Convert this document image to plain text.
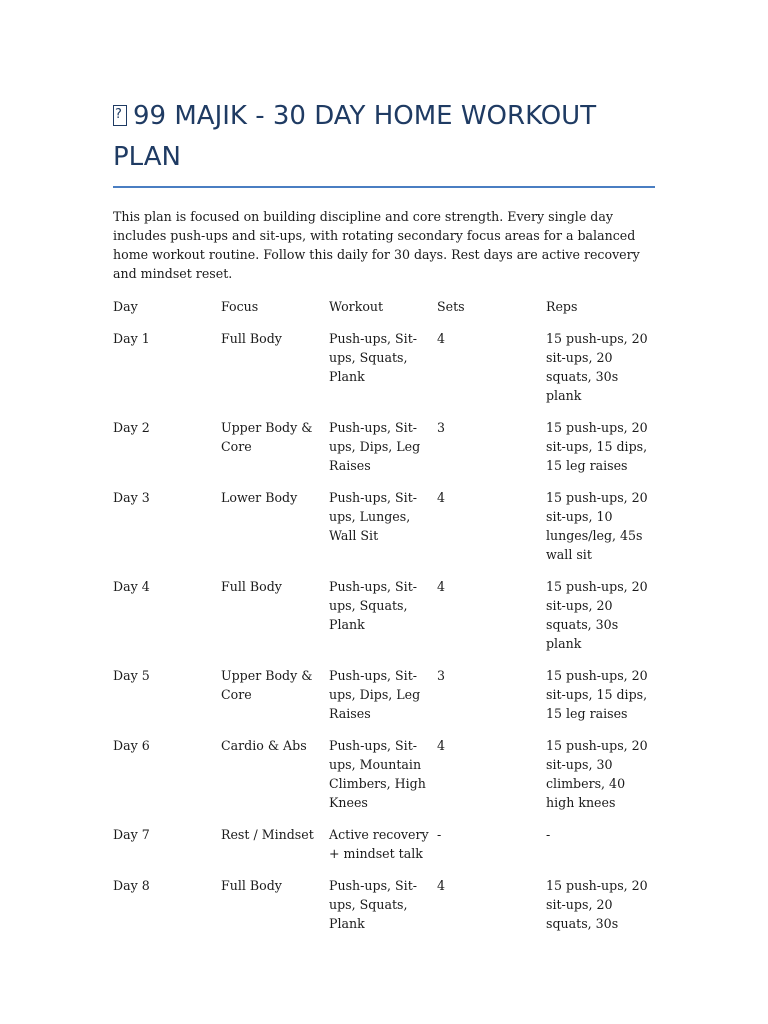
?99 MAJIK - 30 DAY HOME WORKOUT PLAN

This plan is focused on building discipline and core strength. Every single day includes push-ups and sit-ups, with rotating secondary focus areas for a balanced home workout routine. Follow this daily for 30 days. Rest days are active recovery and mindset reset.

Day	Focus	Workout	Sets	Reps
Day 1	Full Body	Push-ups, Sit-ups, Squats, Plank	4	15 push-ups, 20 sit-ups, 20 squats, 30s plank
Day 2	Upper Body & Core	Push-ups, Sit-ups, Dips, Leg Raises	3	15 push-ups, 20 sit-ups, 15 dips, 15 leg raises
Day 3	Lower Body	Push-ups, Sit-ups, Lunges, Wall Sit	4	15 push-ups, 20 sit-ups, 10 lunges/leg, 45s wall sit
Day 4	Full Body	Push-ups, Sit-ups, Squats, Plank	4	15 push-ups, 20 sit-ups, 20 squats, 30s plank
Day 5	Upper Body & Core	Push-ups, Sit-ups, Dips, Leg Raises	3	15 push-ups, 20 sit-ups, 15 dips, 15 leg raises
Day 6	Cardio & Abs	Push-ups, Sit-ups, Mountain Climbers, High Knees	4	15 push-ups, 20 sit-ups, 30 climbers, 40 high knees
Day 7	Rest / Mindset	Active recovery + mindset talk	-	-
Day 8	Full Body	Push-ups, Sit-ups, Squats, Plank	4	15 push-ups, 20 sit-ups, 20 squats, 30s
